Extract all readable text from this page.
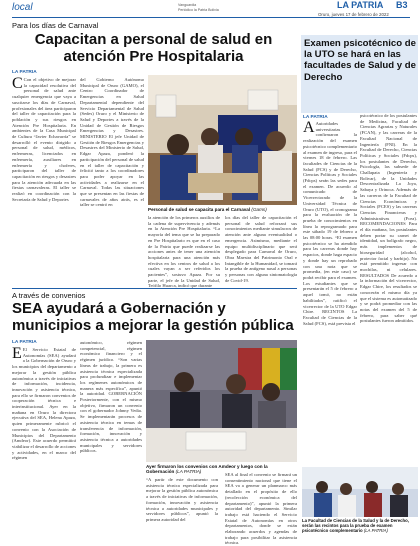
local	Vanguardia
Periódico la Patria Bolivia	LA PATRIA B3
Oruro, jueves 17 de febrero de 2022
Para los días de Carnaval
Capacitan a personal de salud en atención Pre Hospitalaria
LA PATRIA
C Con el objetivo de mejorar la capacidad resolutiva del personal de salud ante cualquier emergencia que vaya a suscitarse los días de Carnaval, profesionales del área participaron del taller de capacitación para la población y sus riesgos en Atención Pre Hospitalaria. En ambientes de la Casa Municipal de Cultura “Javier Echavarría” se desarrolló el evento dirigido a personal de salud, médicos, enfermeras, licenciados en enfermería, auxiliares en enfermería y choferes, participaron del taller de capacitación en riesgos y desastres para la atención adecuada en las fiestas carnavaleras. El taller se realizó en coordinación con la Secretaría de Salud y Deportes
del Gobierno Autónomo Municipal de Oruro (GAMO), el Centro Coordinador de Emergencias en Salud Departamental dependiente del Servicio Departamental de Salud (Sedes) Oruro y el Ministerio de Salud y Deportes a través de la Unidad de Gestión de Riesgos Emergencias y Desastres. MINISTERIO El jefe Unidad de Gestión de Riesgos Emergencias y Desastres del Ministerio de Salud, Edgar Apaza, ponderó la participación del personal de salud en el taller de capacitación y felicitó tanto a los coordinadores para poder apoyar en las actividades a realizarse en el Carnaval. Todas las situaciones que se presentan en las fiestas de carnavales de años atrás, es el taller se centró en
Personal de salud se capacita para el Carnaval (Gams)
la atención de los primeros auxilios de la cadena de supervivencia y además en la Atención Pre Hospitalaria. “La mayoría del tema que se ha preparado en Pre Hospitalario es que en el caso de la Patria que puede realizarse las acciones antes de tener una atención hospitalaria para una atención más efectiva en los centros de salud a los cuales vayan a ser referidos los pacientes”, sostuvo Apaza. Por su parte, el jefe de la Unidad de Salud, Teófilo Huarca, indicó que durante
los días del taller de capacitación el personal de salud reforzará sus conocimientos mediante simulacros de atención ante alguna eventualidad o emergencia. Asimismo, mediante el equipo multidisciplinario que será desplegado para Carnaval de Oruro, Obra Maestra del Patrimonio Oral e Intangible de la Humanidad, se tomará la prueba de antígeno nasal a personas y personas con alguna sintomatología de Covid-19.
A través de convenios
SEA ayudará a Gobernación y municipios a mejorar la gestión pública
LA PATRIA
E El Servicio Estatal de Autonomías (SEA) ayudará a la Gobernación de Oruro y los municipios del departamento a mejorar la gestión pública autonómica a través de iniciativas de información, incidencia, innovación y asistencia técnica, para ello se firmaron convenios de cooperación técnica e interinstitucional. Ayer en la mañana en Oruro la directora ejecutiva del SEA, Helena Apaza, quien primeramente rubricó el convenio con la Asociación de Municipios del Departamento (Amdeor). Este acuerdo permitirá viabilizar el desarrollo de acciones y actividades, en el marco del régimen
autonómico, régimen competencial, régimen económico financiero y el régimen jurídico. “Son varias líneas de trabajo, la primera es asistencia técnica especializada para profundizar e implementar los regímenes autonómicos de manera más específica”, apuntó la autoridad. GOBERNACIÓN Posteriormente, con el mismo objetivo, firmaron un convenio con el gobernador Johnny Vedia. Se implementarán procesos de asistencia técnica en temas de transferencia de información, formación, innovación y asistencia técnica a autoridades municipales y servidores públicos.
Ayer firmaron los convenios con Amdeor y luego con la Gobernación (LA PATRIA)
“A partir de este documento con asistencia técnica especializada para mejorar la gestión pública autonómica a través de iniciativas de información, formación, innovación y asistencia técnica a autoridades municipales y servidores públicos”, apuntó la primera autoridad del
SEA al final el convenio se firmará un consentimiento nacional que tiene el SEA va a generar un planmarco más detallado en el propósito de ello (recolección económica del departamento)”, apuntó la primera autoridad del departamento. Similar trabajo está haciendo el Servicio Estatal de Autonomías en otros departamentos, donde se están elaborando acuerdos y agendas de trabajo para posibilitar la asistencia técnica.
Examen psicotécnico de la UTO se hará en las facultades de Salud y de Derecho
LA PATRIA
A Autoridades universitarias confirmaron la realización del examen psicotécnico complementario al examen de ingreso, para el viernes 18 de febrero. Las facultades de Ciencias de la Salud (FCS) y de Derecho, Ciencias Políticas y Sociales (Fdcps) serán las sedes para el examen. De acuerdo al comunicado de Vicerrectorado de la Universidad Técnica de Oruro (UTO), el cronograma para la evaluación de la prueba de conocimientos en línea la reprogramado para este sábado 19 de febrero a las 08:00 horas. “El examen psicotécnico se ha atendido para las carreras donde hay espacios, donde haga espacio y donde hay un reprobado con una nota que se promedia, (en este caso) se podrá recibir para el examen. Los estudiantes que se presentarán el 5 de febrero a aquel tomó, no están habilitados”, ratificó el vicerrector de la UTO Edgar Chire. RECINTOS La Facultad de Ciencias de la Salud (FCS), está prevista el
psicotécnico de los postulantes de Medicina, Facultad de Ciencias Agrarias y Naturales (FCAN), y las carreras de la Facultad Nacional de Ingeniería (FNI). En la Facultad de Derecho, Ciencias Políticas y Sociales (Fdcps), los postulantes de Derecho, Psicología, las subsede de Challapata (Ingeniería y Bolivar), de la Unidades Descentralizada La Joya, Sabaya y Orinoca. Además de las carreras de la Facultad de Ciencias Económicas y Sociales (FCES) y las carreras Ciencias Financieras y Administrativas (Fcea). RECOMENDACIONES Para el día mañana, los postulantes deben portar su carnet de identidad, un bolígrafo negro, más implementos de bioseguridad (alcohol, protector facial y barbijo). No está permitido ingresar con mochilas, ni celulares. RESULTADOS De acuerdo a la información del vicerrector, Edgar Chire, los resultados se conocerán el mismo día ya que el sistema es automatizado y se podrá promediar con las notas del examen del 5 de febrero, para saber qué postulantes fueron admitidos.
La Facultad de Ciencias de la Salud y la de Derecho, serán las recintos para la prueba de examen psicotécnico complementario (LA PATRIA)
